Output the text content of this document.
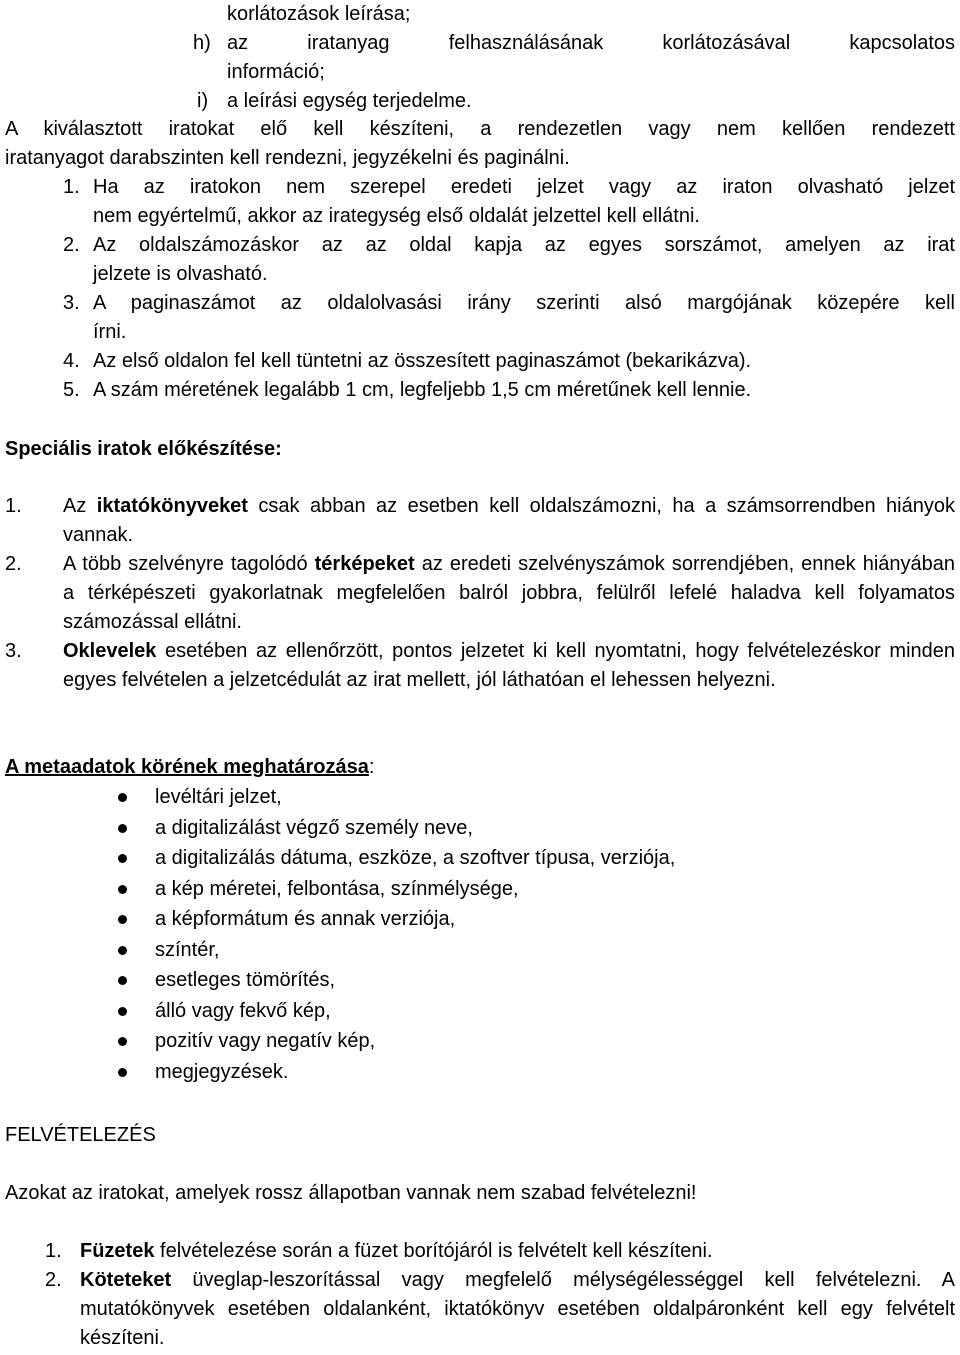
korlátozások leírása;
h) az iratanyag felhasználásának korlátozásával kapcsolatos
információ;
i) a leírási egység terjedelme.
A kiválasztott iratokat elő kell készíteni, a rendezetlen vagy nem kellően rendezett
iratanyagot darabszinten kell rendezni, jegyzékelni és paginálni.
1. Ha az iratokon nem szerepel eredeti jelzet vagy az iraton olvasható jelzet
nem egyértelmű, akkor az irategység első oldalát jelzettel kell ellátni.
2. Az oldalszámozáskor az az oldal kapja az egyes sorszámot, amelyen az irat
jelzete is olvasható.
3. A paginaszámot az oldalolvasási irány szerinti alsó margójának közepére kell
írni.
4. Az első oldalon fel kell tüntetni az összesített paginaszámot (bekarikázva).
5. A szám méretének legalább 1 cm, legfeljebb 1,5 cm méretűnek kell lennie.
Speciális iratok előkészítése:
1. Az iktatókönyveket csak abban az esetben kell oldalszámozni, ha a számsorrendben hiányok vannak.
2. A több szelvényre tagolódó térképeket az eredeti szelvényszámok sorrendjében, ennek hiányában a térképészeti gyakorlatnak megfelelően balról jobbra, felülről lefelé haladva kell folyamatos számozással ellátni.
3. Oklevelek esetében az ellenőrzött, pontos jelzetet ki kell nyomtatni, hogy felvételezéskor minden egyes felvételen a jelzetcédulát az irat mellett, jól láthatóan el lehessen helyezni.
A metaadatok körének meghatározása:
levéltári jelzet,
a digitalizálást végző személy neve,
a digitalizálás dátuma, eszköze, a szoftver típusa, verziója,
a kép méretei, felbontása, színmélysége,
a képformátum és annak verziója,
színtér,
esetleges tömörítés,
álló vagy fekvő kép,
pozitív vagy negatív kép,
megjegyzések.
FELVÉTELEZÉS
Azokat az iratokat, amelyek rossz állapotban vannak nem szabad felvételezni!
1. Füzetek felvételezése során a füzet borítójáról is felvételt kell készíteni.
2. Köteteket üveglap-leszorítással vagy megfelelő mélységélességgel kell felvételezni. A mutatókönyvek esetében oldalanként, iktatókönyv esetében oldalpáronként kell egy felvételt készíteni.
